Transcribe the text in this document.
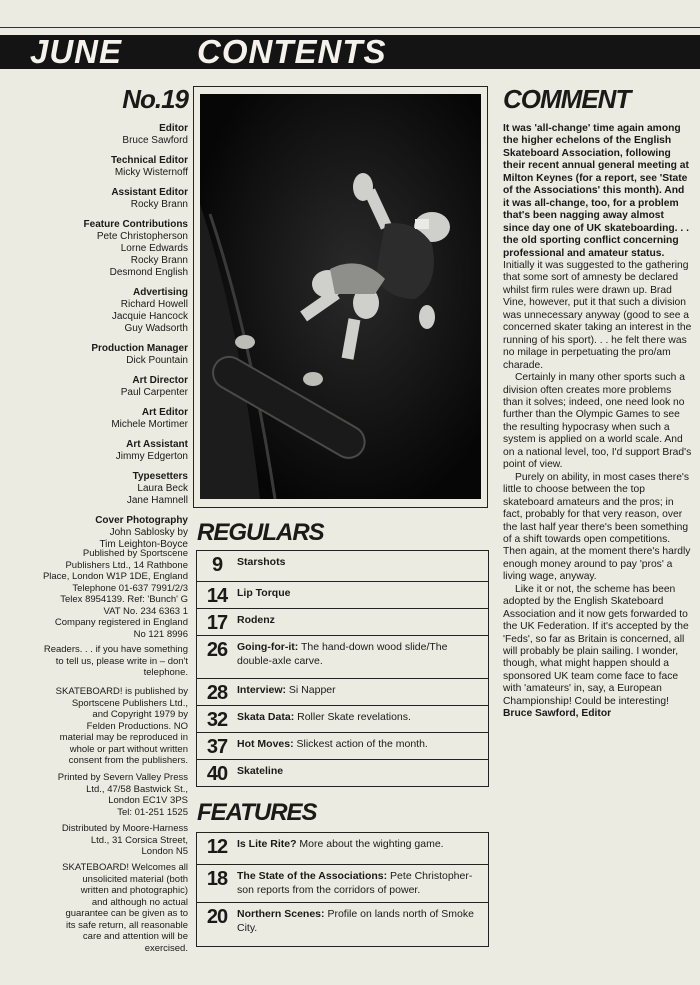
JUNE CONTENTS
No.19
Editor
Bruce Sawford
Technical Editor
Micky Wisternoff
Assistant Editor
Rocky Brann
Feature Contributions
Pete Christopherson
Lorne Edwards
Rocky Brann
Desmond English
Advertising
Richard Howell
Jacquie Hancock
Guy Wadsorth
Production Manager
Dick Pountain
Art Director
Paul Carpenter
Art Editor
Michele Mortimer
Art Assistant
Jimmy Edgerton
Typesetters
Laura Beck
Jane Hamnell
Cover Photography
John Sablosky by
Tim Leighton-Boyce
Published by Sportscene
Publishers Ltd., 14 Rathbone
Place, London W1P 1DE, England
Telephone 01-637 7991/2/3
Telex 8954139. Ref: 'Bunch' G
VAT No. 234 6363 1
Company registered in England
No 121 8996
Readers. . . if you have something
to tell us, please write in – don't
telephone.
SKATEBOARD! is published by
Sportscene Publishers Ltd.,
and Copyright 1979 by
Felden Productions. NO
material may be reproduced in
whole or part without written
consent from the publishers.
Printed by Severn Valley Press
Ltd., 47/58 Bastwick St.,
London EC1V 3PS
Tel: 01-251 1525
Distributed by Moore-Harness
Ltd., 31 Corsica Street,
London N5
SKATEBOARD! Welcomes all
unsolicited material (both
written and photographic)
and although no actual
guarantee can be given as to
its safe return, all reasonable
care and attention will be
exercised.
REGULARS
9	Starshots
14 Lip Torque
17 Rodenz
26 Going-for-it: The hand-down wood slide/The double-axle carve.
28 Interview: Si Napper
32 Skata Data: Roller Skate revelations.
37 Hot Moves: Slickest action of the month.
40 Skateline
FEATURES
12 Is Lite Rite? More about the wighting game.
18 The State of the Associations: Pete Christopher-son reports from the corridors of power.
20 Northern Scenes: Profile on lands north of Smoke City.
COMMENT

It was 'all-change' time again among the higher echelons of the English Skateboard Association, following their recent annual general meeting at Milton Keynes (for a report, see 'State of the Associations' this month). And it was all-change, too, for a problem that's been nagging away almost since day one of UK skateboarding. . . the old sporting conflict concerning professional and amateur status.

Initially it was suggested to the gathering that some sort of amnesty be declared whilst firm rules were drawn up. Brad Vine, however, put it that such a division was unnecessary anyway (good to see a concerned skater taking an interest in the running of his sport). . . he felt there was no milage in perpetuating the pro/am charade.

Certainly in many other sports such a division often creates more problems than it solves; indeed, one need look no further than the Olympic Games to see the resulting hypocrasy when such a system is applied on a world scale. And on a national level, too, I'd support Brad's point of view.

Purely on ability, in most cases there's little to choose between the top skateboard amateurs and the pros; in fact, probably for that very reason, over the last half year there's been something of a shift towards open competitions. Then again, at the moment there's hardly enough money around to pay 'pros' a living wage, anyway.

Like it or not, the scheme has been adopted by the English Skateboard Association and it now gets forwarded to the UK Federation. If it's accepted by the 'Feds', so far as Britain is concerned, all will probably be plain sailing. I wonder, though, what might happen should a sponsored UK team come face to face with 'amateurs' in, say, a European Championship! Could be interesting!

Bruce Sawford, Editor
